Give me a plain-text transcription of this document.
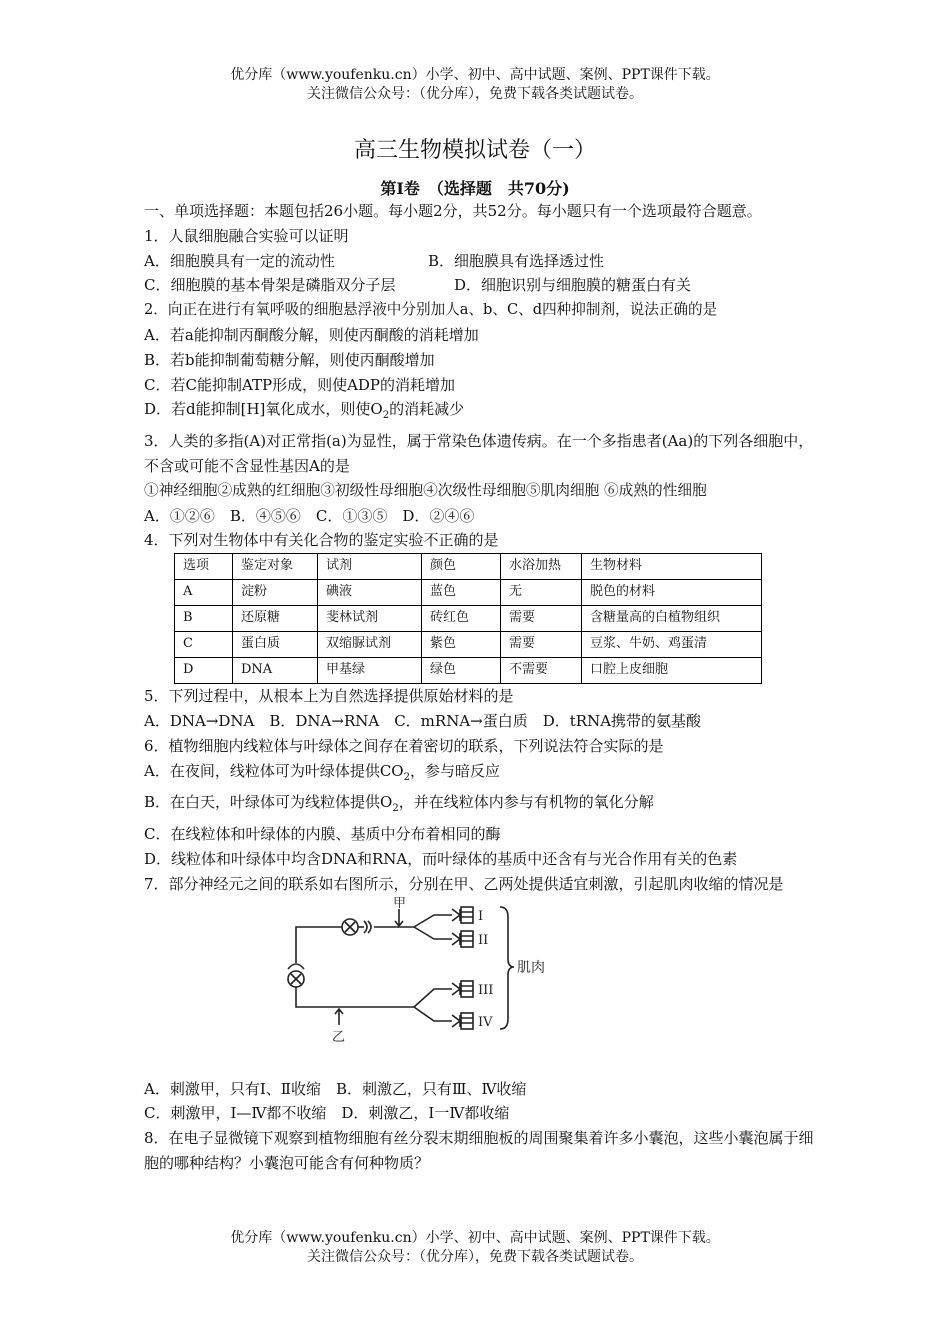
优分库（www.youfenku.cn）小学、初中、高中试题、案例、PPT课件下载。
关注微信公众号：（优分库），免费下载各类试题试卷。
高三生物模拟试卷（一）
第Ⅰ卷　（选择题　共70分)

一、单项选择题：本题包括26小题。每小题2分，共52分。每小题只有一个选项最符合题意。

1．人鼠细胞融合实验可以证明

A．细胞膜具有一定的流动性	B．细胞膜具有选择透过性

C．细胞膜的基本骨架是磷脂双分子层	D．细胞识别与细胞膜的糖蛋白有关

2．向正在进行有氧呼吸的细胞悬浮液中分别加人a、b、C、d四种抑制剂，说法正确的是

A．若a能抑制丙酮酸分解，则使丙酮酸的消耗增加

B．若b能抑制葡萄糖分解，则使丙酮酸增加

C．若C能抑制ATP形成，则使ADP的消耗增加

D．若d能抑制[H]氧化成水，则使$O_2$的消耗减少

3．人类的多指(A)对正常指(a)为显性，属于常染色体遗传病。在一个多指患者(Aa)的下列各细胞中，不含或可能不含显性基因A的是

①神经细胞②成熟的红细胞③初级性母细胞④次级性母细胞⑤肌肉细胞 ⑥成熟的性细胞

A．①②⑥　B．④⑤⑥　C．①③⑤　D．②④⑥

4．下列对生物体中有关化合物的鉴定实验不正确的是

选项	鉴定对象	试剂	颜色	水浴加热	生物材料
A	淀粉	碘液	蓝色	无	脱色的材料
B	还原糖	斐林试剂	砖红色	需要	含糖量高的白植物组织
C	蛋白质	双缩脲试剂	紫色	需要	豆浆、牛奶、鸡蛋清
D	DNA	甲基绿	绿色	不需要	口腔上皮细胞

5．下列过程中，从根本上为自然选择提供原始材料的是

A．DNA→DNA　B．DNA→RNA　C．mRNA→蛋白质　D．tRNA携带的氨基酸

6．植物细胞内线粒体与叶绿体之间存在着密切的联系，下列说法符合实际的是

A．在夜间，线粒体可为叶绿体提供$CO_2$，参与暗反应

B．在白天，叶绿体可为线粒体提供$O_2$，并在线粒体内参与有机物的氧化分解

C．在线粒体和叶绿体的内膜、基质中分布着相同的酶

D．线粒体和叶绿体中均含DNA和RNA，而叶绿体的基质中还含有与光合作用有关的色素

7．部分神经元之间的联系如右图所示，分别在甲、乙两处提供适宜刺激，引起肌肉收缩的情况是

甲
乙
I
II
III
IV
肌肉

A．刺激甲，只有I、Ⅱ收缩　B．刺激乙，只有Ⅲ、Ⅳ收缩

C．刺激甲，I—Ⅳ都不收缩　D．刺激乙，I一Ⅳ都收缩

8．在电子显微镜下观察到植物细胞有丝分裂末期细胞板的周围聚集着许多小囊泡，这些小囊泡属于细胞的哪种结构？小囊泡可能含有何种物质？

优分库（www.youfenku.cn）小学、初中、高中试题、案例、PPT课件下载。
关注微信公众号：（优分库），免费下载各类试题试卷。
